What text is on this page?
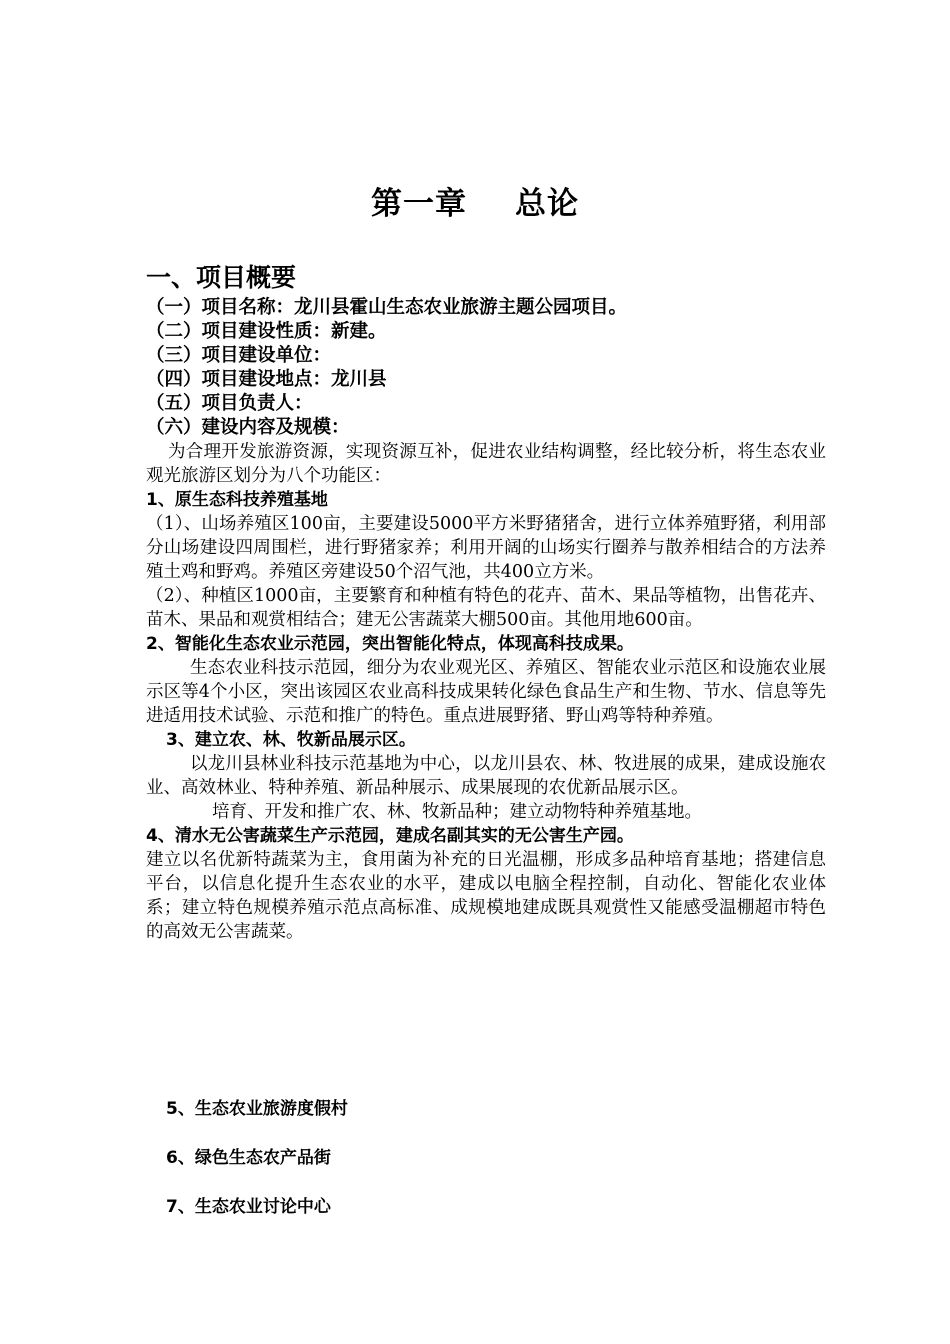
第一章 总论
一、项目概要
（一）项目名称：龙川县霍山生态农业旅游主题公园项目。
（二）项目建设性质：新建。
（三）项目建设单位：
（四）项目建设地点：龙川县
（五）项目负责人：
（六）建设内容及规模：
为合理开发旅游资源，实现资源互补，促进农业结构调整，经比较分析，将生态农业观光旅游区划分为八个功能区：
1、原生态科技养殖基地
（1）、山场养殖区100亩，主要建设5000平方米野猪猪舍，进行立体养殖野猪，利用部分山场建设四周围栏，进行野猪家养；利用开阔的山场实行圈养与散养相结合的方法养殖土鸡和野鸡。养殖区旁建设50个沼气池，共400立方米。
（2）、种植区1000亩，主要繁育和种植有特色的花卉、苗木、果品等植物，出售花卉、苗木、果品和观赏相结合；建无公害蔬菜大棚500亩。其他用地600亩。
2、智能化生态农业示范园，突出智能化特点，体现高科技成果。
生态农业科技示范园，细分为农业观光区、养殖区、智能农业示范区和设施农业展示区等4个小区，突出该园区农业高科技成果转化绿色食品生产和生物、节水、信息等先进适用技术试验、示范和推广的特色。重点进展野猪、野山鸡等特种养殖。
3、建立农、林、牧新品展示区。
以龙川县林业科技示范基地为中心，以龙川县农、林、牧进展的成果，建成设施农业、高效林业、特种养殖、新品种展示、成果展现的农优新品展示区。
培育、开发和推广农、林、牧新品种；建立动物特种养殖基地。
4、清水无公害蔬菜生产示范园，建成名副其实的无公害生产园。
建立以名优新特蔬菜为主，食用菌为补充的日光温棚，形成多品种培育基地；搭建信息平台，以信息化提升生态农业的水平，建成以电脑全程控制，自动化、智能化农业体系；建立特色规模养殖示范点高标准、成规模地建成既具观赏性又能感受温棚超市特色的高效无公害蔬菜。
5、生态农业旅游度假村
6、绿色生态农产品街
7、生态农业讨论中心
